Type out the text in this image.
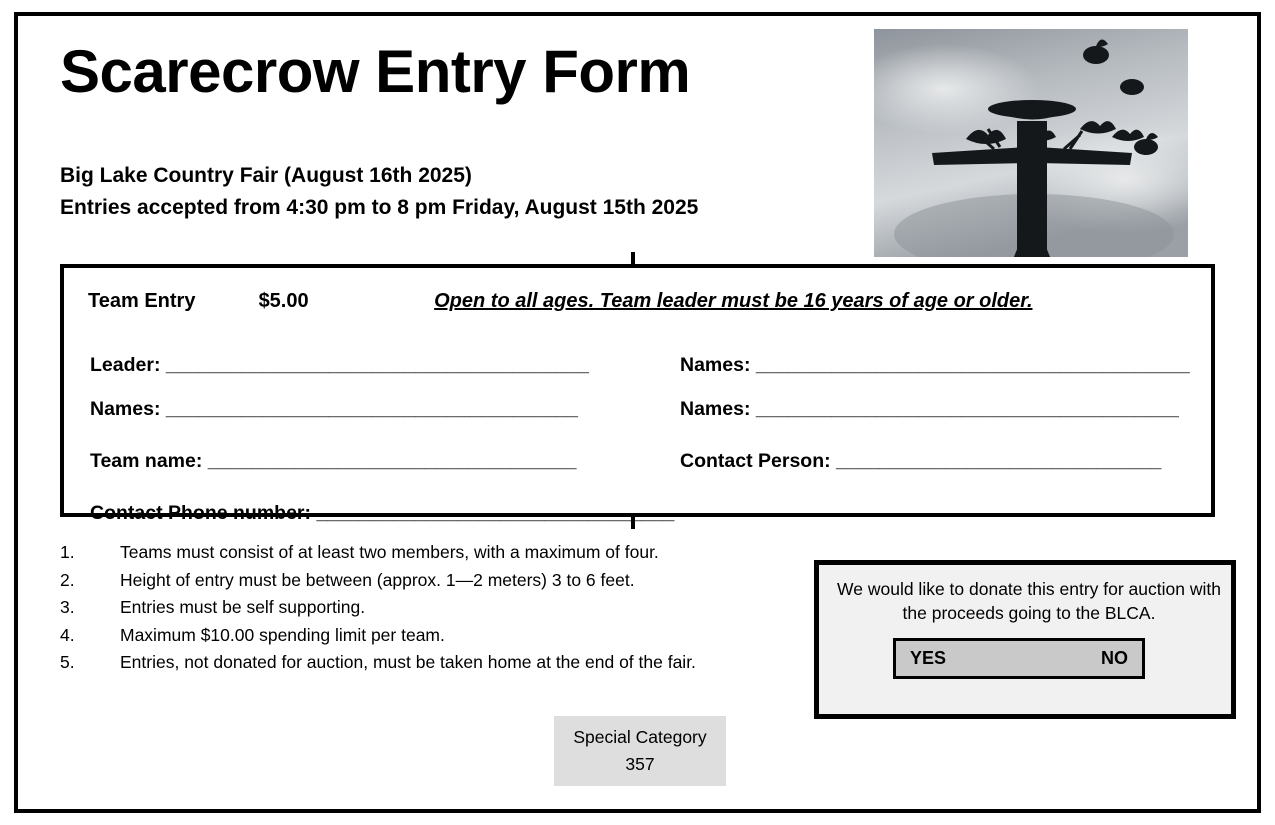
Scarecrow Entry Form
Big Lake Country Fair (August 16th 2025)
Entries accepted from 4:30 pm to 8 pm Friday, August 15th 2025
Team Entry	$5.00	Open to all ages. Team leader must be 16 years of age or older.
Leader: _______________________________________	Names: ________________________________________
Names: ______________________________________	Names: _______________________________________
Team name: __________________________________	Contact Person: ______________________________
Contact Phone number: _________________________________
1.	Teams must consist of at least two members, with a maximum of four.
2.	Height of entry must be between (approx. 1—2 meters) 3 to 6 feet.
3.	Entries must be self supporting.
4.	Maximum $10.00 spending limit per team.
5.	Entries, not donated for auction, must be taken home at the end of the fair.
We would like to donate this entry for auction with the proceeds going to the BLCA.
YES	NO
Special Category
357
